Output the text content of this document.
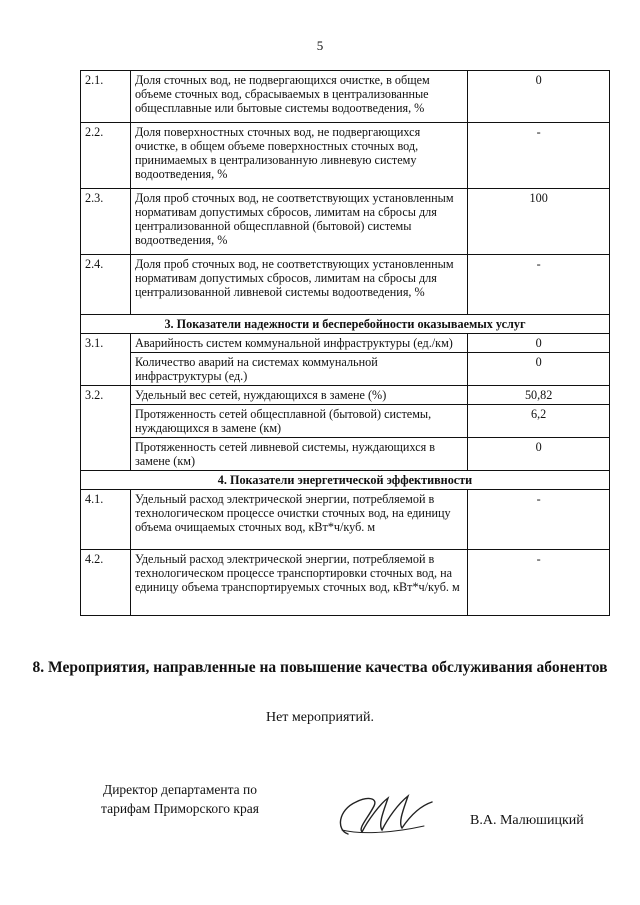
5
2.1.	Доля сточных вод, не подвергающихся очистке, в общем объеме сточных вод, сбрасываемых в централизованные общесплавные или бытовые системы водоотведения, %	0
2.2.	Доля поверхностных сточных вод, не подвергающихся очистке, в общем объеме поверхностных сточных вод, принимаемых в централизованную ливневую систему водоотведения, %	-
2.3.	Доля проб сточных вод, не соответствующих установленным нормативам допустимых сбросов, лимитам на сбросы для централизованной общесплавной (бытовой) системы водоотведения, %	100
2.4.	Доля проб сточных вод, не соответствующих установленным нормативам допустимых сбросов, лимитам на сбросы для централизованной ливневой системы водоотведения, %	-
3. Показатели надежности и бесперебойности оказываемых услуг		
3.1.	Аварийность систем коммунальной инфраструктуры (ед./км)	0
	Количество аварий на системах коммунальной инфраструктуры (ед.)	0
3.2.	Удельный вес сетей, нуждающихся в замене (%)	50,82
	Протяженность сетей общесплавной (бытовой) системы, нуждающихся в замене (км)	6,2
	Протяженность сетей ливневой системы, нуждающихся в замене (км)	0
4. Показатели энергетической эффективности		
4.1.	Удельный расход электрической энергии, потребляемой в технологическом процессе очистки сточных вод, на единицу объема очищаемых сточных вод, кВт*ч/куб. м	-
4.2.	Удельный расход электрической энергии, потребляемой в технологическом процессе транспортировки сточных вод, на единицу объема транспортируемых сточных вод, кВт*ч/куб. м	-
8. Мероприятия, направленные на повышение качества обслуживания абонентов
Нет мероприятий.
Директор департамента по тарифам Приморского края
В.А. Малюшицкий
